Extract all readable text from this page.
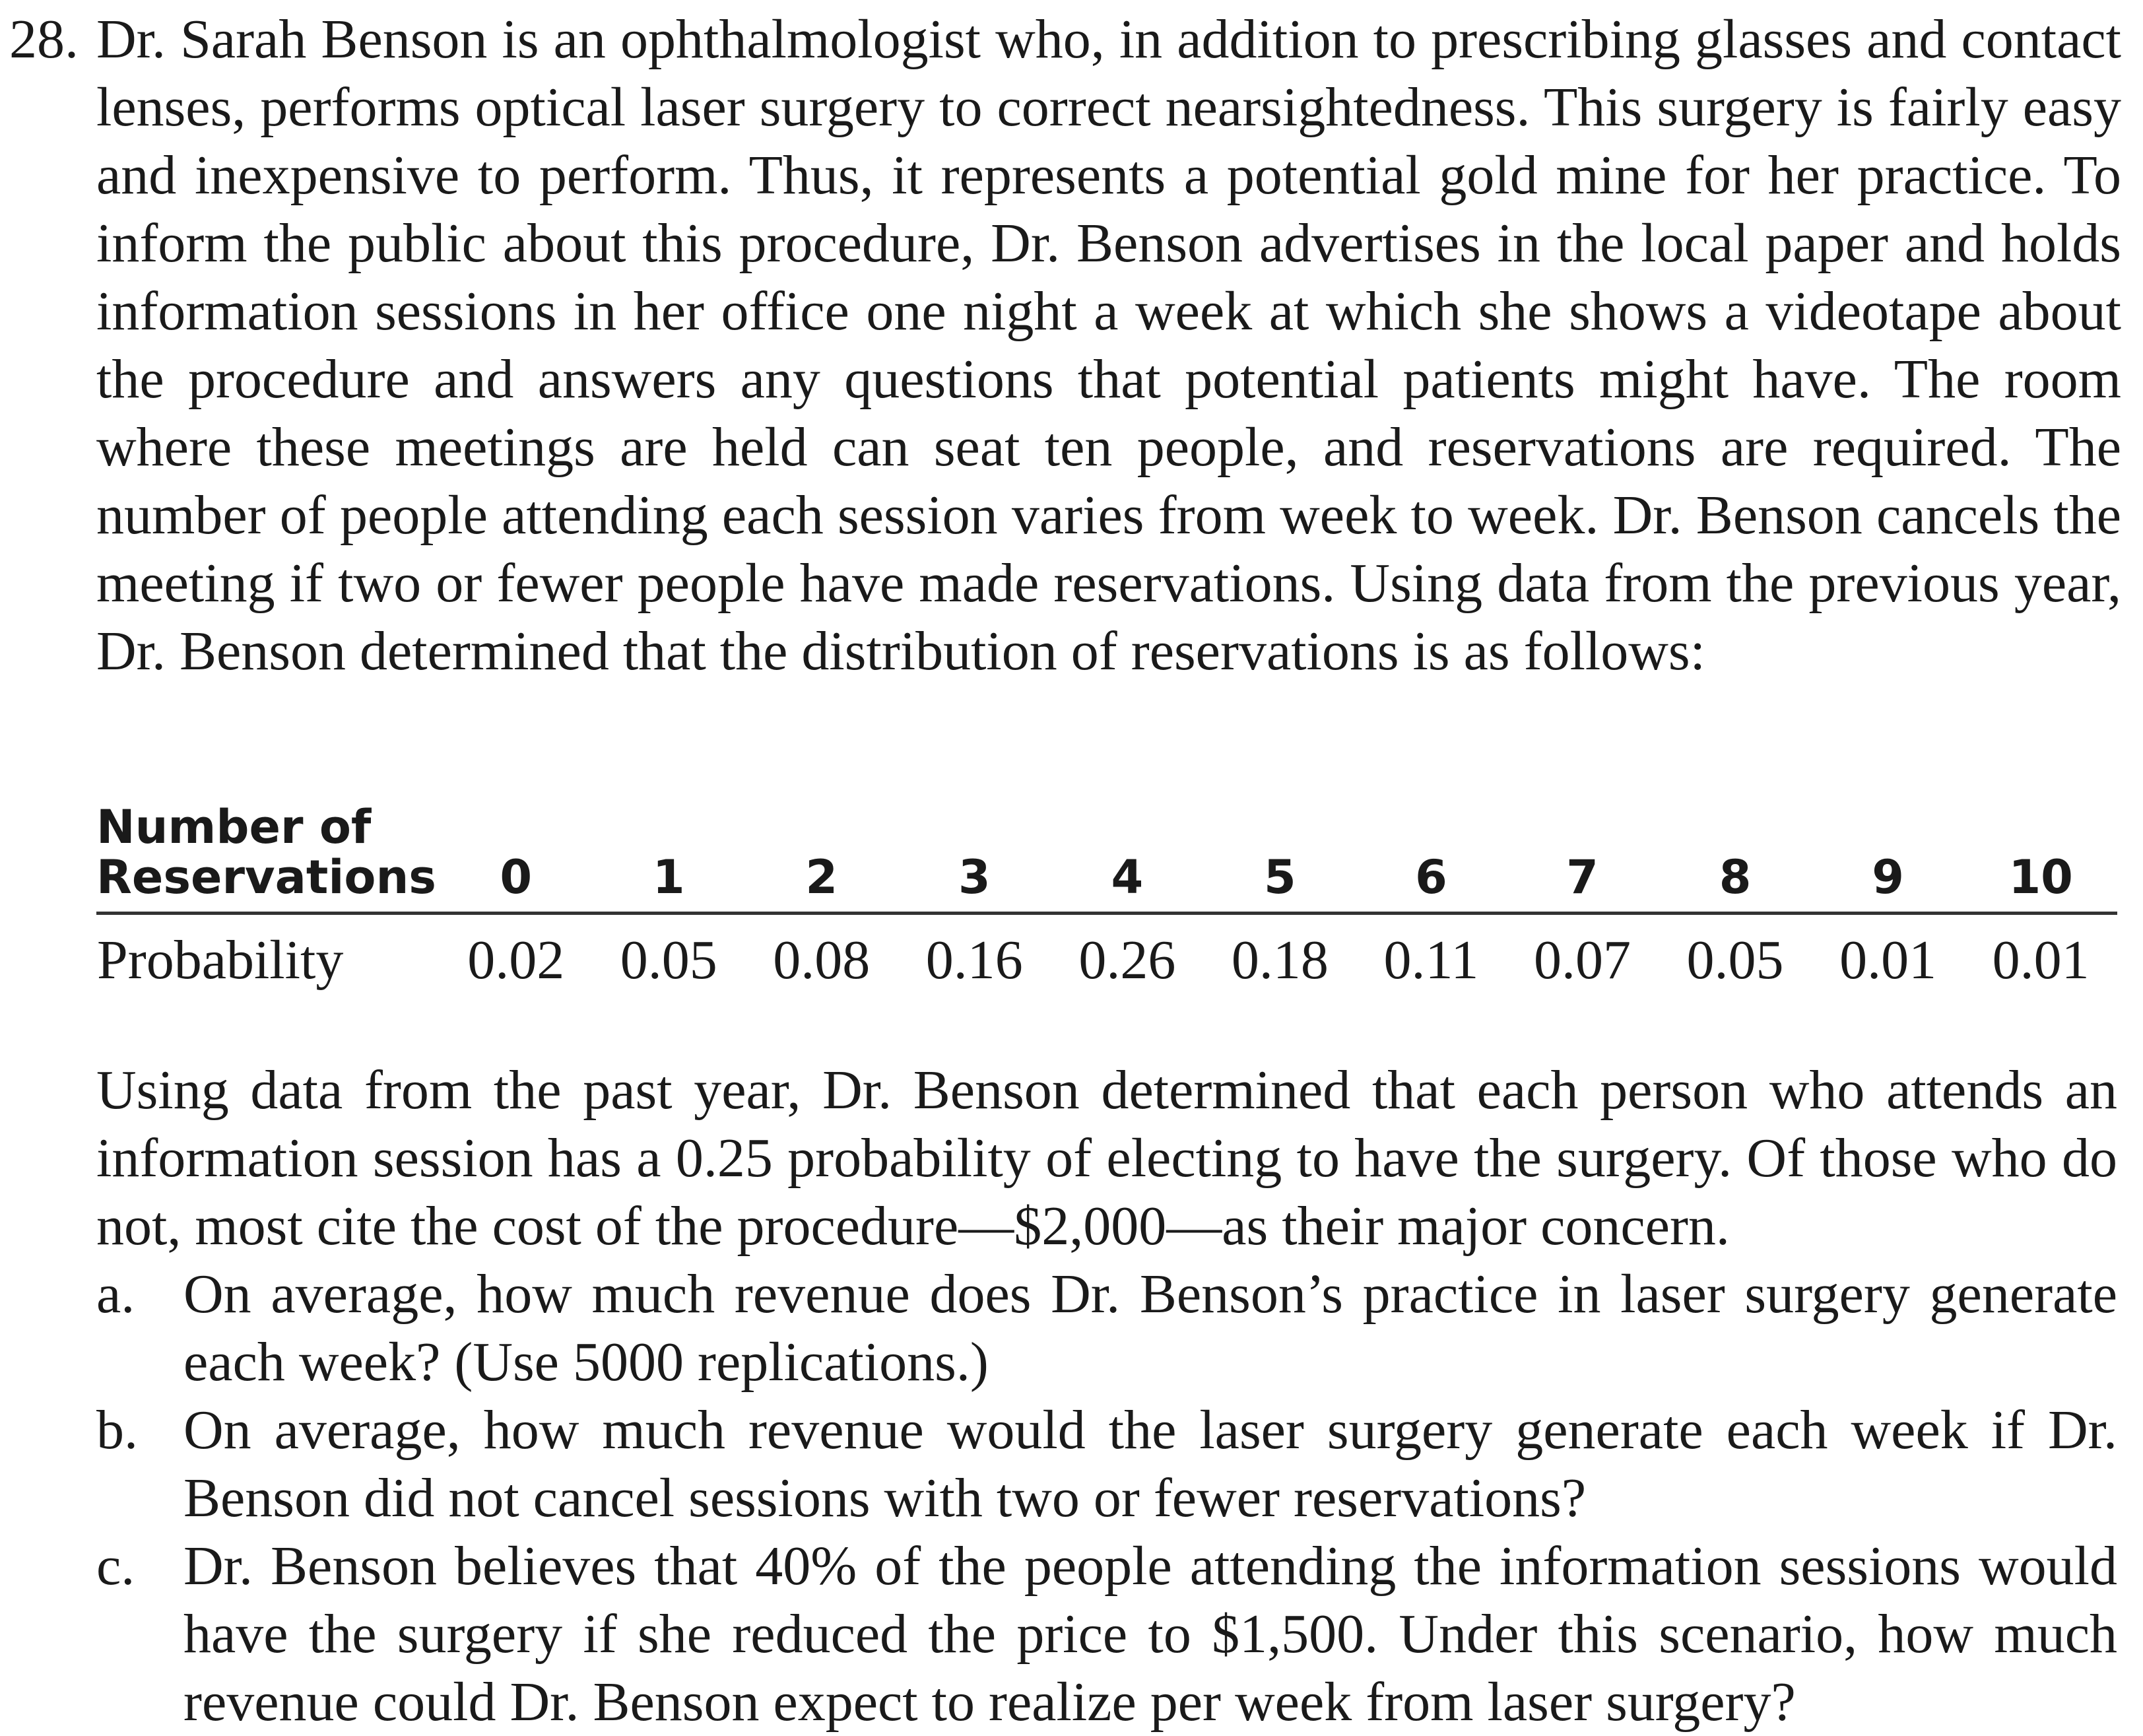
28. Dr. Sarah Benson is an ophthalmologist who, in addition to prescribing glasses and contact lenses, performs optical laser surgery to correct nearsightedness. This surgery is fairly easy and inexpensive to perform. Thus, it represents a potential gold mine for her practice. To inform the public about this procedure, Dr. Benson advertises in the local paper and holds information sessions in her office one night a week at which she shows a videotape about the procedure and answers any questions that potential patients might have. The room where these meetings are held can seat ten people, and reservations are required. The number of people attending each session varies from week to week. Dr. Benson cancels the meeting if two or fewer people have made reservations. Using data from the previous year, Dr. Benson determined that the distribution of reservations is as follows:

Number of
Reservations	0	1	2	3	4	5	6	7	8	9	10
Probability	0.02	0.05	0.08	0.16	0.26	0.18	0.11	0.07	0.05	0.01	0.01

Using data from the past year, Dr. Benson determined that each person who attends an information session has a 0.25 probability of electing to have the surgery. Of those who do not, most cite the cost of the procedure—$2,000—as their major concern.

a. On average, how much revenue does Dr. Benson’s practice in laser surgery generate each week? (Use 5000 replications.)
b. On average, how much revenue would the laser surgery generate each week if Dr. Benson did not cancel sessions with two or fewer reservations?
c. Dr. Benson believes that 40% of the people attending the information sessions would have the surgery if she reduced the price to $1,500. Under this scenario, how much revenue could Dr. Benson expect to realize per week from laser surgery?
